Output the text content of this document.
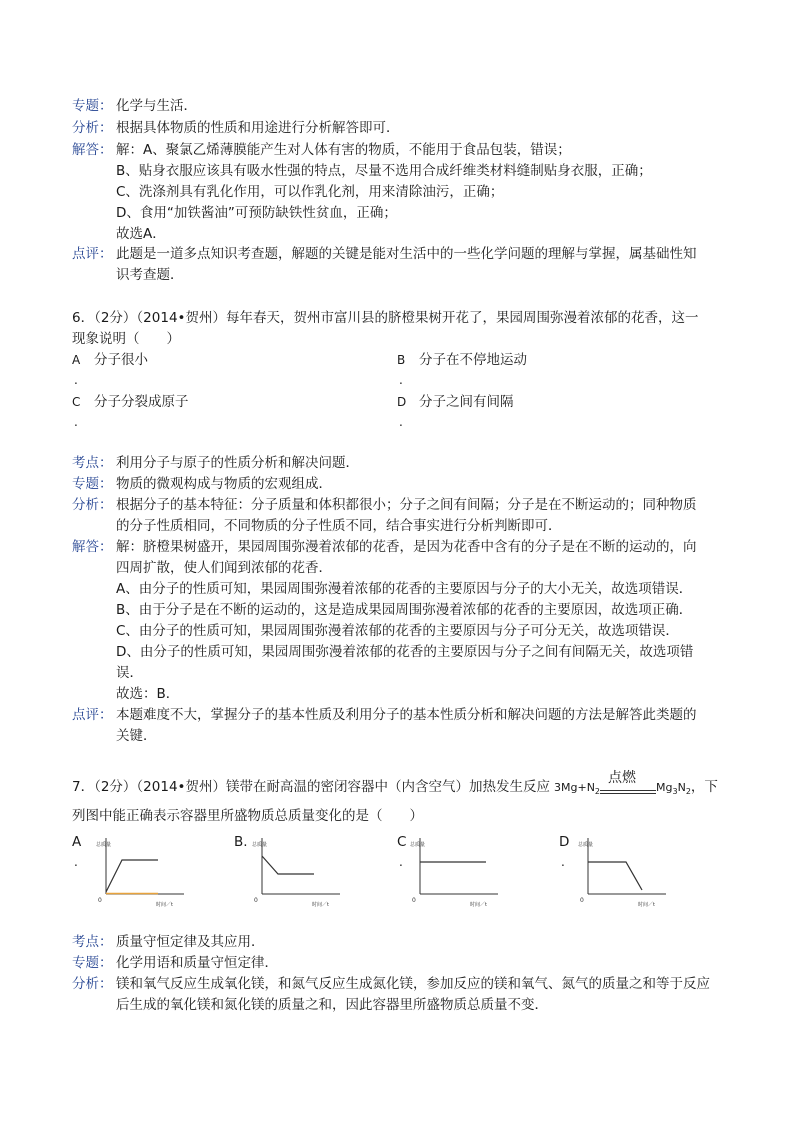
专题： 化学与生活．
分析： 根据具体物质的性质和用途进行分析解答即可．
解答： 解：A、聚氯乙烯薄膜能产生对人体有害的物质，不能用于食品包装，错误；
B、贴身衣服应该具有吸水性强的特点，尽量不选用合成纤维类材料缝制贴身衣服，正确；
C、洗涤剂具有乳化作用，可以作乳化剂，用来清除油污，正确；
D、食用“加铁酱油”可预防缺铁性贫血，正确；
故选A．
点评： 此题是一道多点知识考查题，解题的关键是能对生活中的一些化学问题的理解与掌握，属基础性知
识考查题．
6．（2分）（2014•贺州）每年春天，贺州市富川县的脐橙果树开花了，果园周围弥漫着浓郁的花香，这一
现象说明（　　）
A 分子很小
.
B 分子在不停地运动
.
C 分子分裂成原子
.
D 分子之间有间隔
.
考点： 利用分子与原子的性质分析和解决问题．
专题： 物质的微观构成与物质的宏观组成．
分析： 根据分子的基本特征：分子质量和体积都很小；分子之间有间隔；分子是在不断运动的；同种物质
的分子性质相同，不同物质的分子性质不同，结合事实进行分析判断即可．
解答： 解：脐橙果树盛开，果园周围弥漫着浓郁的花香，是因为花香中含有的分子是在不断的运动的，向
四周扩散，使人们闻到浓郁的花香．
A、由分子的性质可知，果园周围弥漫着浓郁的花香的主要原因与分子的大小无关，故选项错误．
B、由于分子是在不断的运动的，这是造成果园周围弥漫着浓郁的花香的主要原因，故选项正确．
C、由分子的性质可知，果园周围弥漫着浓郁的花香的主要原因与分子可分无关，故选项错误．
D、由分子的性质可知，果园周围弥漫着浓郁的花香的主要原因与分子之间有间隔无关，故选项错
误．
故选：B．
点评： 本题难度不大，掌握分子的基本性质及利用分子的基本性质分析和解决问题的方法是解答此类题的
关键．
7．（2分）（2014•贺州）镁带在耐高温的密闭容器中（内含空气）加热发生反应 $3Mg+N_2$
点燃
$Mg_3N_2$，下
列图中能正确表示容器里所盛物质总质量变化的是（　　）
A
.
总质量
0
时间／t
B. 总质量
0
时间／t
C
.
总质量
0
时间／t
D
.
总质量
0
时间／t
考点： 质量守恒定律及其应用．
专题： 化学用语和质量守恒定律．
分析： 镁和氧气反应生成氧化镁，和氮气反应生成氮化镁，参加反应的镁和氧气、氮气的质量之和等于反应
后生成的氧化镁和氮化镁的质量之和，因此容器里所盛物质总质量不变．
